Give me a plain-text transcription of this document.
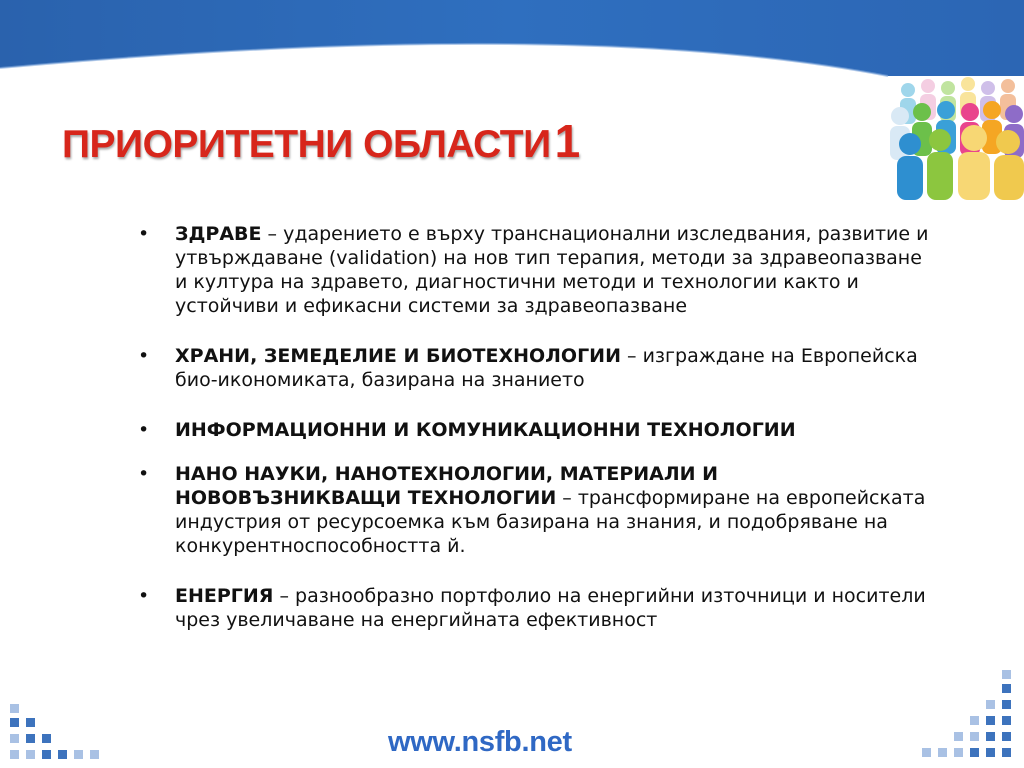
ПРИОРИТЕТНИ ОБЛАСТИ1
• ЗДРАВЕ – ударението е върху транснационални изследвания, развитие и утвърждаване (validation) на нов тип терапия, методи за здравеопазване и култура на здравето, диагностични методи и технологии както и устойчиви и ефикасни системи за здравеопазване
• ХРАНИ, ЗЕМЕДЕЛИЕ И БИОТЕХНОЛОГИИ – изграждане на Европейска био-икономиката, базирана на знанието
• ИНФОРМАЦИОННИ И КОМУНИКАЦИОННИ ТЕХНОЛОГИИ
• НАНО НАУКИ, НАНОТЕХНОЛОГИИ, МАТЕРИАЛИ И НОВОВЪЗНИКВАЩИ ТЕХНОЛОГИИ – трансформиране на европейската индустрия от ресурсоемка към базирана на знания, и подобряване на конкурентноспособността й.
• ЕНЕРГИЯ – разнообразно портфолио на енергийни източници и носители чрез увеличаване на енергийната ефективност

www.nsfb.net
